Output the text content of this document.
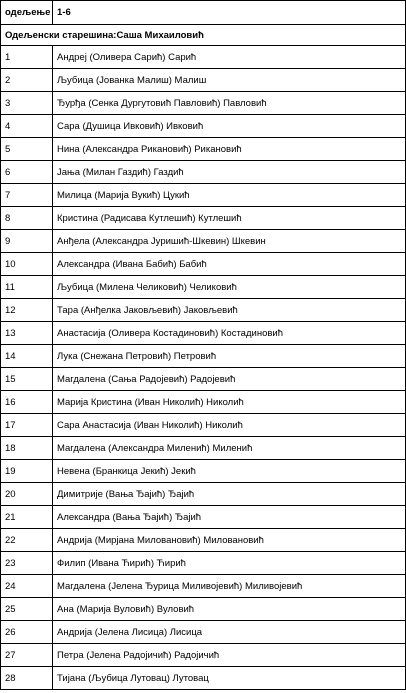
одељење	1-6
Одељенски старешина:Саша Михаиловић	
1	Андреј (Оливера Сарић) Сарић
2	Љубица (Јованка Малиш) Малиш
3	Ђурђа (Сенка Дургутовић Павловић) Павловић
4	Сара (Душица Ивковић) Ивковић
5	Нина (Александра Рикановић) Рикановић
6	Јања (Милан Газдић) Газдић
7	Милица (Марија Вукић) Цукић
8	Кристина (Радисава Кутлешић) Кутлешић
9	Анђела (Александра Јуришић-Шкевин) Шкевин
10	Александра (Ивана Бабић) Бабић
11	Љубица (Милена Челиковић) Челиковић
12	Тара (Анђелка Јаковљевић) Јаковљевић
13	Анастасија (Оливера Костадиновић) Костадиновић
14	Лука (Снежана Петровић) Петровић
15	Магдалена (Сања Радојевић) Радојевић
16	Марија Кристина (Иван Николић) Николић
17	Сара Анастасија (Иван Николић) Николић
18	Магдалена (Александра Миленић) Миленић
19	Невена (Бранкица Јекић) Јекић
20	Димитрије (Вања Ђајић) Ђајић
21	Александра (Вања Ђајић) Ђајић
22	Андрија (Мирјана Миловановић) Миловановић
23	Филип (Ивана Ћирић) Ћирић
24	Магдалена (Јелена Ђурица Миливојевић) Миливојевић
25	Ана (Марија Вуловић) Вуловић
26	Андрија (Јелена Лисица) Лисица
27	Петра (Јелена Радојичић) Радојичић
28	Тијана (Љубица Лутовац) Лутовац
